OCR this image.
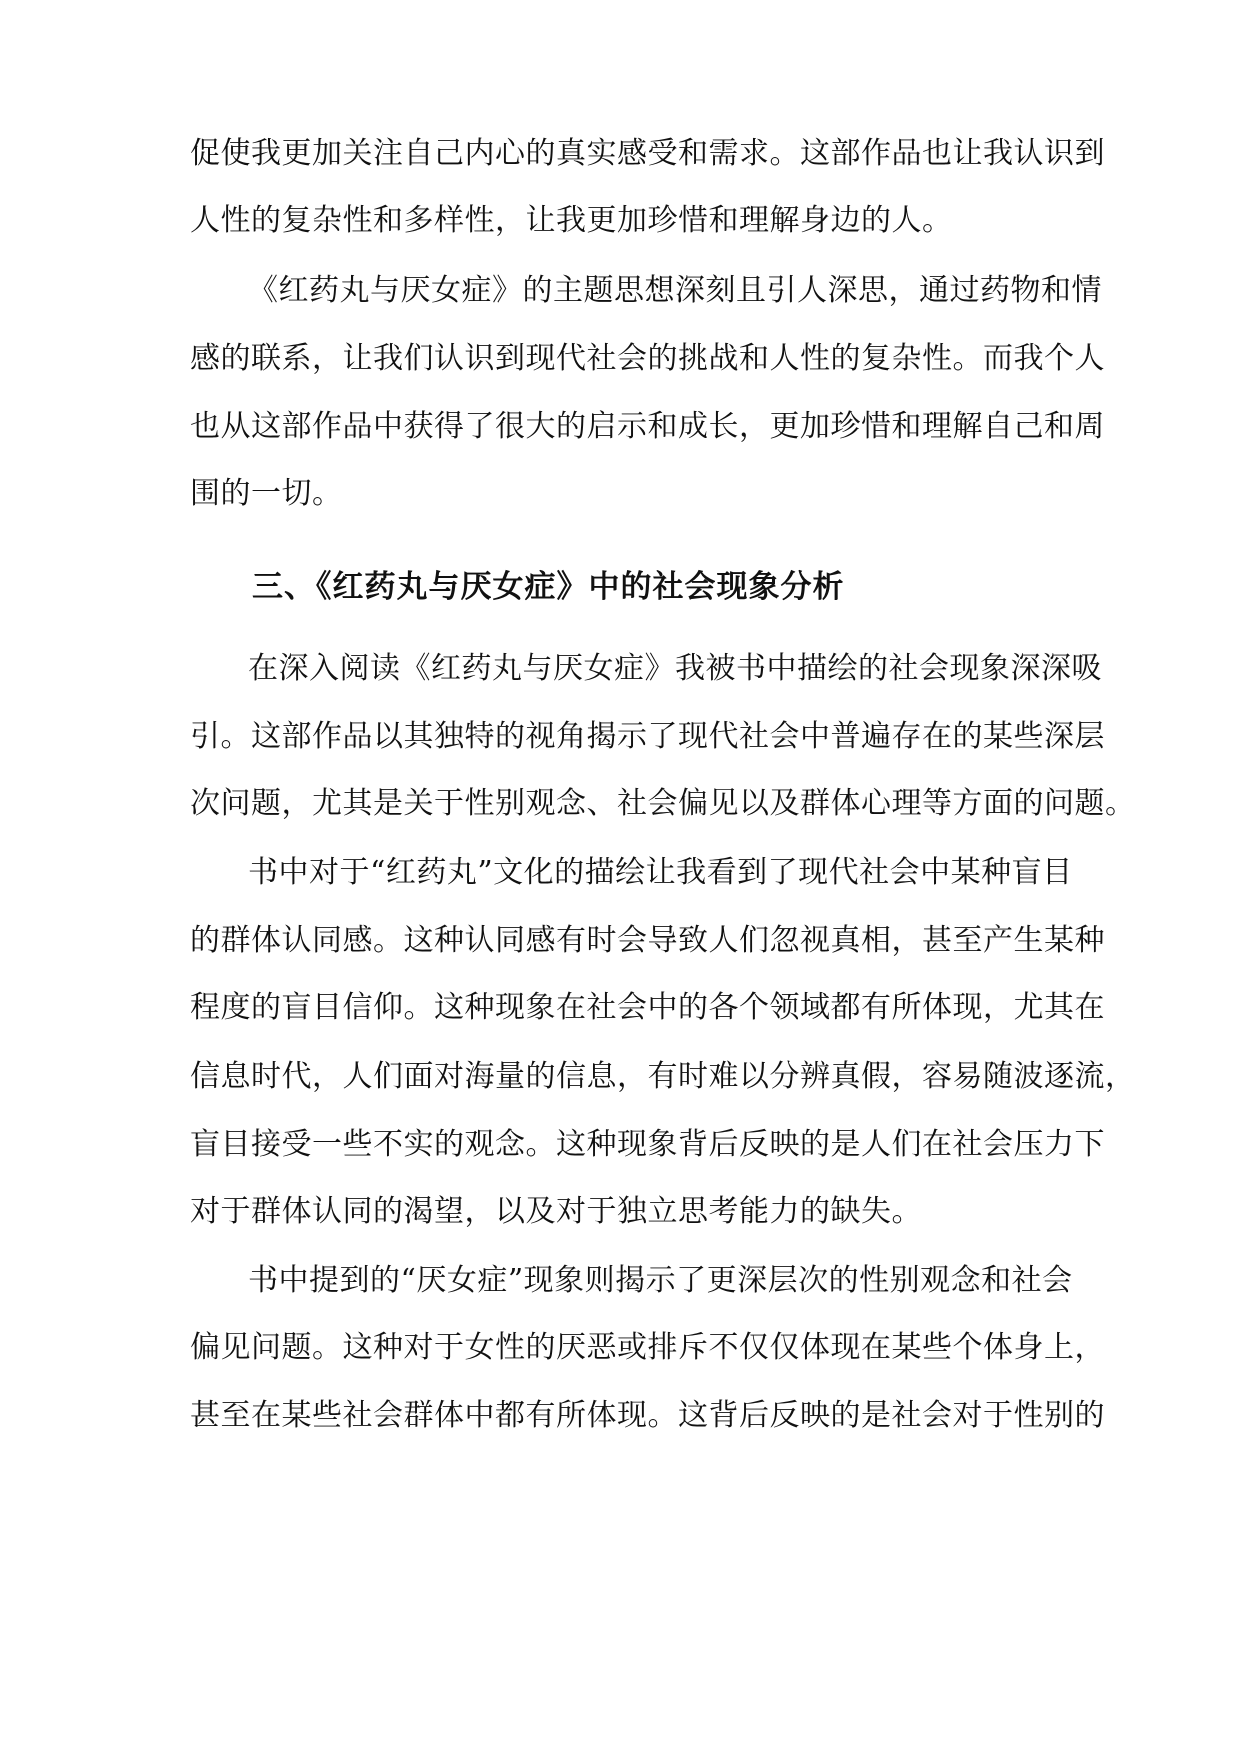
促使我更加关注自己内心的真实感受和需求。这部作品也让我认识到
人性的复杂性和多样性，让我更加珍惜和理解身边的人。
《红药丸与厌女症》的主题思想深刻且引人深思，通过药物和情
感的联系，让我们认识到现代社会的挑战和人性的复杂性。而我个人
也从这部作品中获得了很大的启示和成长，更加珍惜和理解自己和周
围的一切。
三、《红药丸与厌女症》中的社会现象分析
在深入阅读《红药丸与厌女症》我被书中描绘的社会现象深深吸
引。这部作品以其独特的视角揭示了现代社会中普遍存在的某些深层
次问题，尤其是关于性别观念、社会偏见以及群体心理等方面的问题。
书中对于“红药丸”文化的描绘让我看到了现代社会中某种盲目
的群体认同感。这种认同感有时会导致人们忽视真相，甚至产生某种
程度的盲目信仰。这种现象在社会中的各个领域都有所体现，尤其在
信息时代，人们面对海量的信息，有时难以分辨真假，容易随波逐流，
盲目接受一些不实的观念。这种现象背后反映的是人们在社会压力下
对于群体认同的渴望，以及对于独立思考能力的缺失。
书中提到的“厌女症”现象则揭示了更深层次的性别观念和社会
偏见问题。这种对于女性的厌恶或排斥不仅仅体现在某些个体身上，
甚至在某些社会群体中都有所体现。这背后反映的是社会对于性别的
